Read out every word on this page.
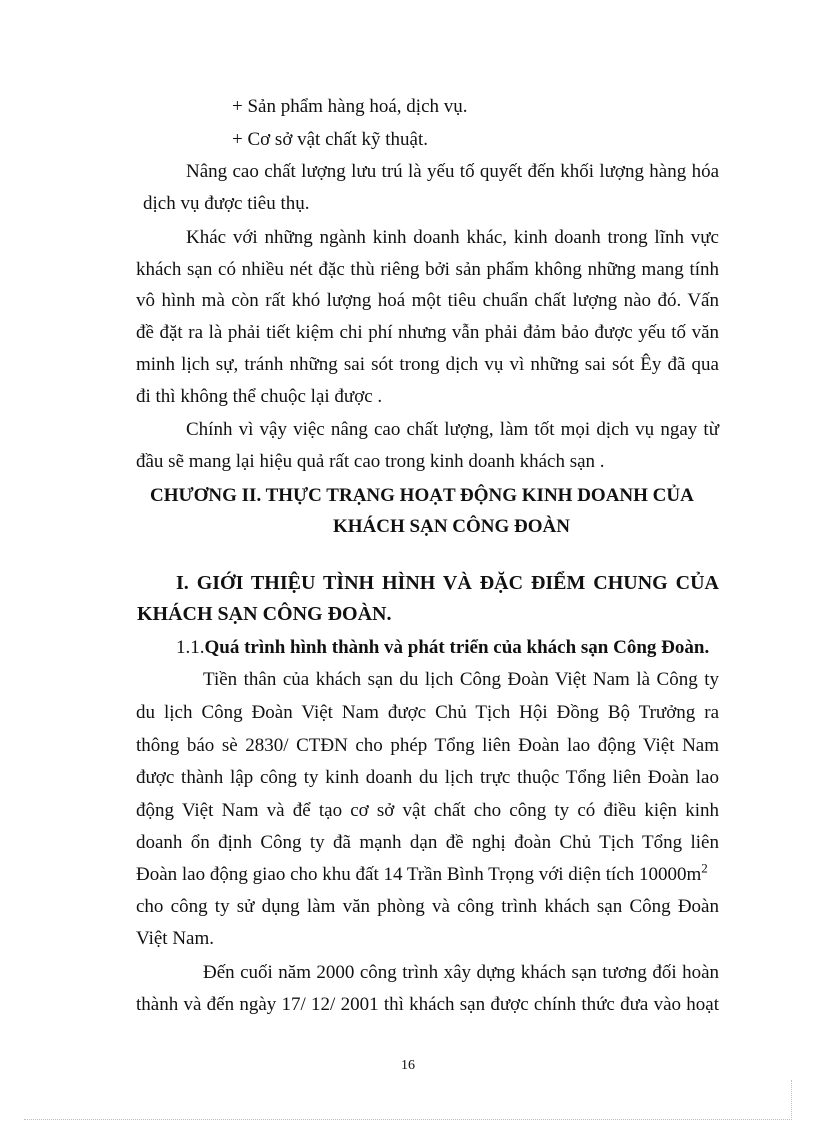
+ Sản phẩm hàng hoá, dịch vụ.
+ Cơ sở vật chất kỹ thuật.
Nâng cao chất lượng lưu trú là yếu tố quyết đến khối lượng hàng hóa
dịch vụ được tiêu thụ.
Khác với những ngành kinh doanh khác, kinh doanh trong lĩnh vực
khách sạn có nhiều nét đặc thù riêng bởi sản phẩm không những mang tính
vô hình mà còn rất khó lượng hoá một tiêu chuẩn chất lượng nào đó. Vấn
đề đặt ra là phải tiết kiệm chi phí nhưng vẫn phải đảm bảo được yếu tố văn
minh lịch sự, tránh những sai sót trong dịch vụ vì những sai sót Êy đã qua
đi thì không thể chuộc lại được .
Chính vì vậy việc nâng cao chất lượng, làm tốt mọi dịch vụ ngay từ
đầu sẽ mang lại hiệu quả rất cao trong kinh doanh khách sạn .
CHƯƠNG II. THỰC TRẠNG HOẠT ĐỘNG KINH DOANH CỦA
KHÁCH SẠN CÔNG ĐOÀN
I. GIỚI THIỆU TÌNH HÌNH VÀ ĐẶC ĐIỂM CHUNG CỦA
KHÁCH SẠN CÔNG ĐOÀN.
1.1.Quá trình hình thành và phát triển của khách sạn Công Đoàn.
Tiền thân của khách sạn du lịch Công Đoàn Việt Nam là Công ty
du lịch Công Đoàn Việt Nam được Chủ Tịch Hội Đồng Bộ Trưởng ra
thông báo sè 2830/ CTĐN cho phép Tổng liên Đoàn lao động Việt Nam
được thành lập công ty kinh doanh du lịch trực thuộc Tổng liên Đoàn lao
động Việt Nam và để tạo cơ sở vật chất cho công ty có điều kiện kinh
doanh ổn định Công ty đã mạnh dạn đề nghị đoàn Chủ Tịch Tổng liên
Đoàn lao động giao cho khu đất 14 Trần Bình Trọng với diện tích $10000m^2$
cho công ty sử dụng làm văn phòng và công trình khách sạn Công Đoàn
Việt Nam.
Đến cuối năm 2000 công trình xây dựng khách sạn tương đối hoàn
thành và đến ngày 17/ 12/ 2001 thì khách sạn được chính thức đưa vào hoạt
16
